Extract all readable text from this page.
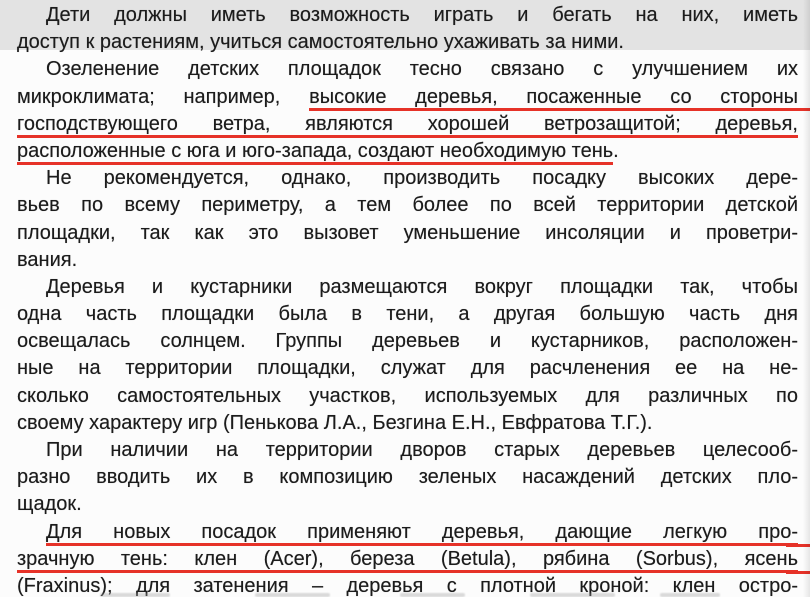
Дети должны иметь возможность играть и бегать на них, иметь
доступ к растениям, учиться самостоятельно ухаживать за ними.
Озеленение детских площадок тесно связано с улучшением их
микроклимата; например, высокие деревья, посаженные со стороны
господствующего ветра, являются хорошей ветрозащитой; деревья,
расположенные с юга и юго-запада, создают необходимую тень.
Не рекомендуется, однако, производить посадку высоких дере-
вьев по всему периметру, а тем более по всей территории детской
площадки, так как это вызовет уменьшение инсоляции и проветри-
вания.
Деревья и кустарники размещаются вокруг площадки так, чтобы
одна часть площадки была в тени, а другая большую часть дня
освещалась солнцем. Группы деревьев и кустарников, расположен-
ные на территории площадки, служат для расчленения ее на не-
сколько самостоятельных участков, используемых для различных по
своему характеру игр (Пенькова Л.А., Безгина Е.Н., Евфратова Т.Г.).
При наличии на территории дворов старых деревьев целесооб-
разно вводить их в композицию зеленых насаждений детских пло-
щадок.
Для новых посадок применяют деревья, дающие легкую про-
зрачную тень: клен (Acer), береза (Betula), рябина (Sorbus), ясень
(Fraxinus); для затенения – деревья с плотной кроной: клен остро-
